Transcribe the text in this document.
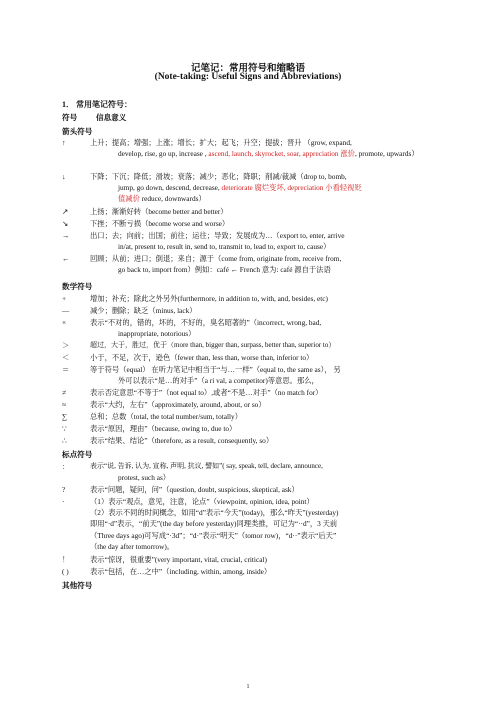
记笔记：常用符号和缩略语
(Note-taking: Useful Signs and Abbreviations)
1． 常用笔记符号：
符号 信息意义
箭头符号
↑	上升；提高；增强；上涨；增长；扩大；起飞；升空；提拔；晋升 （grow, expand,
develop, rise, go up, increase , ascend, launch, skyrocket, soar, appreciation 涨价, promote, upwards）
↓	下降；下沉；降低；滑坡；衰落；减少；恶化；降职；削减/裁减（drop to, bomb,
jump, go down, descend, decrease, deteriorate 腐烂变坏, depreciation 小看轻视贬
值减价 reduce, downwards）
↗	上扬；渐渐好转（become better and better）
↘	下挫；不断亏损（become worse and worse）
→	出口；去；向前；出国；前往；运往；导致；发展成为…（export to, enter, arrive
in/at, present to, result in, send to, transmit to, lead to, export to, cause）
←	回顾；从前；进口；倒退；来自；源于（come from, originate from, receive from,
go back to, import from）例如：café ← French 意为: café 源自于法语
数学符号
+	增加；补充；除此之外另外(furthermore, in addition to, with, and, besides, etc)
—	减少；删除；缺乏（minus, lack）
×	表示“不对的，错的，坏的，不好的，臭名昭著的”（incorrect, wrong, bad,
inappropriate, notorious）
＞	超过，大于，胜过，优于（more than, bigger than, surpass, better than, superior to）
＜	小于，不足，次于，逊色（fewer than, less than, worse than, inferior to）
＝	等于符号（equal） 在听力笔记中相当于“与…一样”（equal to, the same as）， 另
外可以表示“是…的对手”（a ri val, a competitor)等意思。那么，
≠	表示否定意思“不等于”（not equal to）,或者“不是…对手”（no match for）
≈	表示“大约，左右”（approximately, around, about, or so）
∑	总和；总数（total, the total number/sum, totally）
∵	表示“原因，理由”（because, owing to, due to）
∴	表示“结果、结论”（therefore, as a result, consequently, so）
标点符号
：	表示“说, 告诉, 认为, 宣称, 声明, 抗议, 譬如”( say, speak, tell, declare, announce,
protest, such as）
?	表示“问题，疑问，问”（question, doubt, suspicious, skeptical, ask）
·	（1）表示“观点，意见，注意，论点”（viewpoint, opinion, idea, point）
（2）表示不同的时间概念，如用“d”表示“今天”(today)，那么“昨天”(yesterday)
即用“·d”表示，“前天”(the day before yesterday)同理类推，可记为“··d”，3 天前
（Three days ago)可写成“·3d”；“d·”表示“明天”（tomor row)，“d··”表示“后天”
（the day after tomorrow)。
！	表示“惊讶，很重要”(very important, vital, crucial, critical)
( )	表示“包括，在…之中”（including, within, among, inside）
其他符号
1
